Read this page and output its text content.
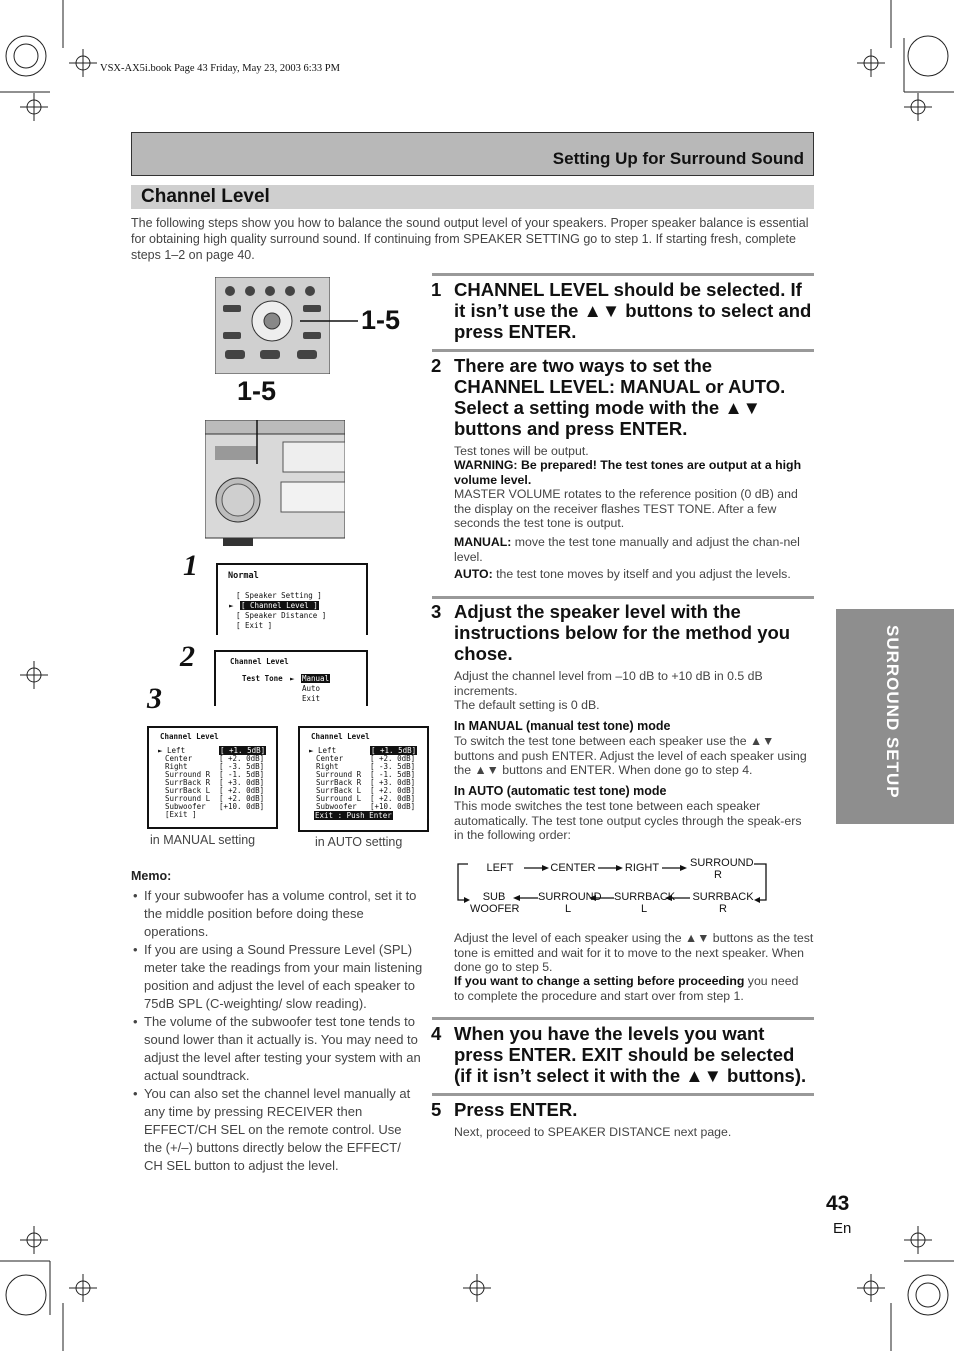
VSX-AX5i.book Page 43 Friday, May 23, 2003 6:33 PM
Setting Up for Surround Sound
Channel Level
The following steps show you how to balance the sound output level of your speakers. Proper speaker balance is essential for obtaining high quality surround sound. If continuing from SPEAKER SETTING go to step 1. If starting fresh, complete steps 1–2 on page 40.
1-5
1-5
1
2
3
Normal
[ Speaker Setting ]
► [ Channel Level ]
[ Speaker Distance ]
[ Exit ]
Channel Level
Test Tone ► Manual
Auto
Exit
Channel Level
► Left	[ +1. 5dB]
Center	[ +2. 0dB]
Right	[ -3. 5dB]
Surround R [ -1. 5dB]
SurrBack R [ +3. 0dB]
SurrBack L [ +2. 0dB]
Surround L [ +2. 0dB]
Subwoofer [+10. 0dB]
[Exit ]
in MANUAL setting
Channel Level
Exit : Push Enter
► Left	[ +1. 5dB]
Center	[ +2. 0dB]
Right	[ -3. 5dB]
Surround R [ -1. 5dB]
SurrBack R [ +3. 0dB]
SurrBack L [ +2. 0dB]
Surround L [ +2. 0dB]
Subwoofer [+10. 0dB]
in AUTO setting
Memo:
• If your subwoofer has a volume control, set it to the middle position before doing these operations.
• If you are using a Sound Pressure Level (SPL) meter take the readings from your main listening position and adjust the level of each speaker to 75dB SPL (C-weighting/ slow reading).
• The volume of the subwoofer test tone tends to sound lower than it actually is. You may need to adjust the level after testing your system with an actual soundtrack.
• You can also set the channel level manually at any time by pressing RECEIVER then EFFECT/CH SEL on the remote control. Use the (+/–) buttons directly below the EFFECT/ CH SEL button to adjust the level.
1 CHANNEL LEVEL should be selected. If it isn’t use the ▲▼ buttons to select and press ENTER.
2 There are two ways to set the CHANNEL LEVEL: MANUAL or AUTO. Select a setting mode with the ▲▼ buttons and press ENTER.
Test tones will be output.
WARNING: Be prepared! The test tones are output at a high volume level.
MASTER VOLUME rotates to the reference position (0 dB) and the display on the receiver flashes TEST TONE. After a few seconds the test tone is output.
MANUAL: move the test tone manually and adjust the chan-nel level.
AUTO: the test tone moves by itself and you adjust the levels.
3 Adjust the speaker level with the instructions below for the method you chose.
Adjust the channel level from –10 dB to +10 dB in 0.5 dB increments.
The default setting is 0 dB.
In MANUAL (manual test tone) mode
To switch the test tone between each speaker use the ▲▼ buttons and push ENTER. Adjust the level of each speaker using the ▲▼ buttons and ENTER. When done go to step 4.
In AUTO (automatic test tone) mode
This mode switches the test tone between each speaker automatically. The test tone output cycles through the speak-ers in the following order:
LEFT	CENTER	RIGHT	SURROUND R
SUB WOOFER
SURROUND L
SURRBACK L
SURRBACK R
Adjust the level of each speaker using the ▲▼ buttons as the test tone is emitted and wait for it to move to the next speaker. When done go to step 5.
If you want to change a setting before proceeding you need to complete the procedure and start over from step 1.
4 When you have the levels you want press ENTER. EXIT should be selected (if it isn’t select it with the ▲▼ buttons).
5 Press ENTER.
Next, proceed to SPEAKER DISTANCE next page.
SURROUND SETUP
43
En
